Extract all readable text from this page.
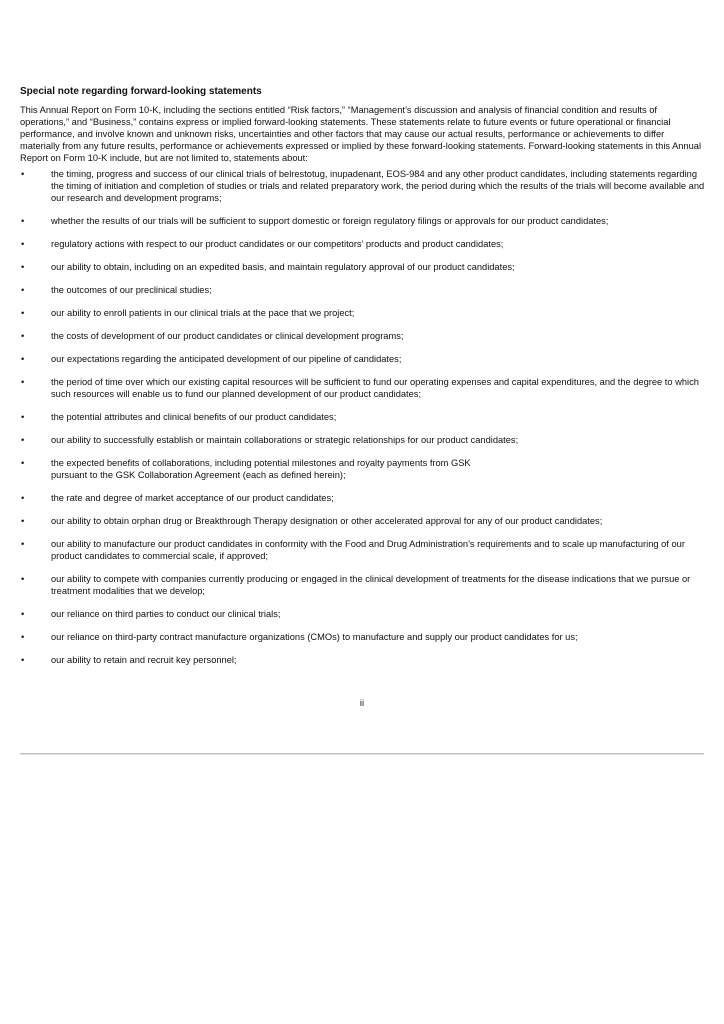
Special note regarding forward-looking statements
This Annual Report on Form 10-K, including the sections entitled “Risk factors,” “Management’s discussion and analysis of financial condition and results of operations,” and “Business,” contains express or implied forward-looking statements. These statements relate to future events or future operational or financial performance, and involve known and unknown risks, uncertainties and other factors that may cause our actual results, performance or achievements to differ materially from any future results, performance or achievements expressed or implied by these forward-looking statements. Forward-looking statements in this Annual Report on Form 10-K include, but are not limited to, statements about:
•	the timing, progress and success of our clinical trials of belrestotug, inupadenant, EOS-984 and any other product candidates, including statements regarding the timing of initiation and completion of studies or trials and related preparatory work, the period during which the results of the trials will become available and our research and development programs;
•	whether the results of our trials will be sufficient to support domestic or foreign regulatory filings or approvals for our product candidates;
•	regulatory actions with respect to our product candidates or our competitors’ products and product candidates;
•	our ability to obtain, including on an expedited basis, and maintain regulatory approval of our product candidates;
•	the outcomes of our preclinical studies;
•	our ability to enroll patients in our clinical trials at the pace that we project;
•	the costs of development of our product candidates or clinical development programs;
•	our expectations regarding the anticipated development of our pipeline of candidates;
•	the period of time over which our existing capital resources will be sufficient to fund our operating expenses and capital expenditures, and the degree to which such resources will enable us to fund our planned development of our product candidates;
•	the potential attributes and clinical benefits of our product candidates;
•	our ability to successfully establish or maintain collaborations or strategic relationships for our product candidates;
•	the expected benefits of collaborations, including potential milestones and royalty payments from GSK
pursuant to the GSK Collaboration Agreement (each as defined herein);
•	the rate and degree of market acceptance of our product candidates;
•	our ability to obtain orphan drug or Breakthrough Therapy designation or other accelerated approval for any of our product candidates;
•	our ability to manufacture our product candidates in conformity with the Food and Drug Administration’s requirements and to scale up manufacturing of our product candidates to commercial scale, if approved;
•	our ability to compete with companies currently producing or engaged in the clinical development of treatments for the disease indications that we pursue or treatment modalities that we develop;
•	our reliance on third parties to conduct our clinical trials;
•	our reliance on third-party contract manufacture organizations (CMOs) to manufacture and supply our product candidates for us;
•	our ability to retain and recruit key personnel;
ii
